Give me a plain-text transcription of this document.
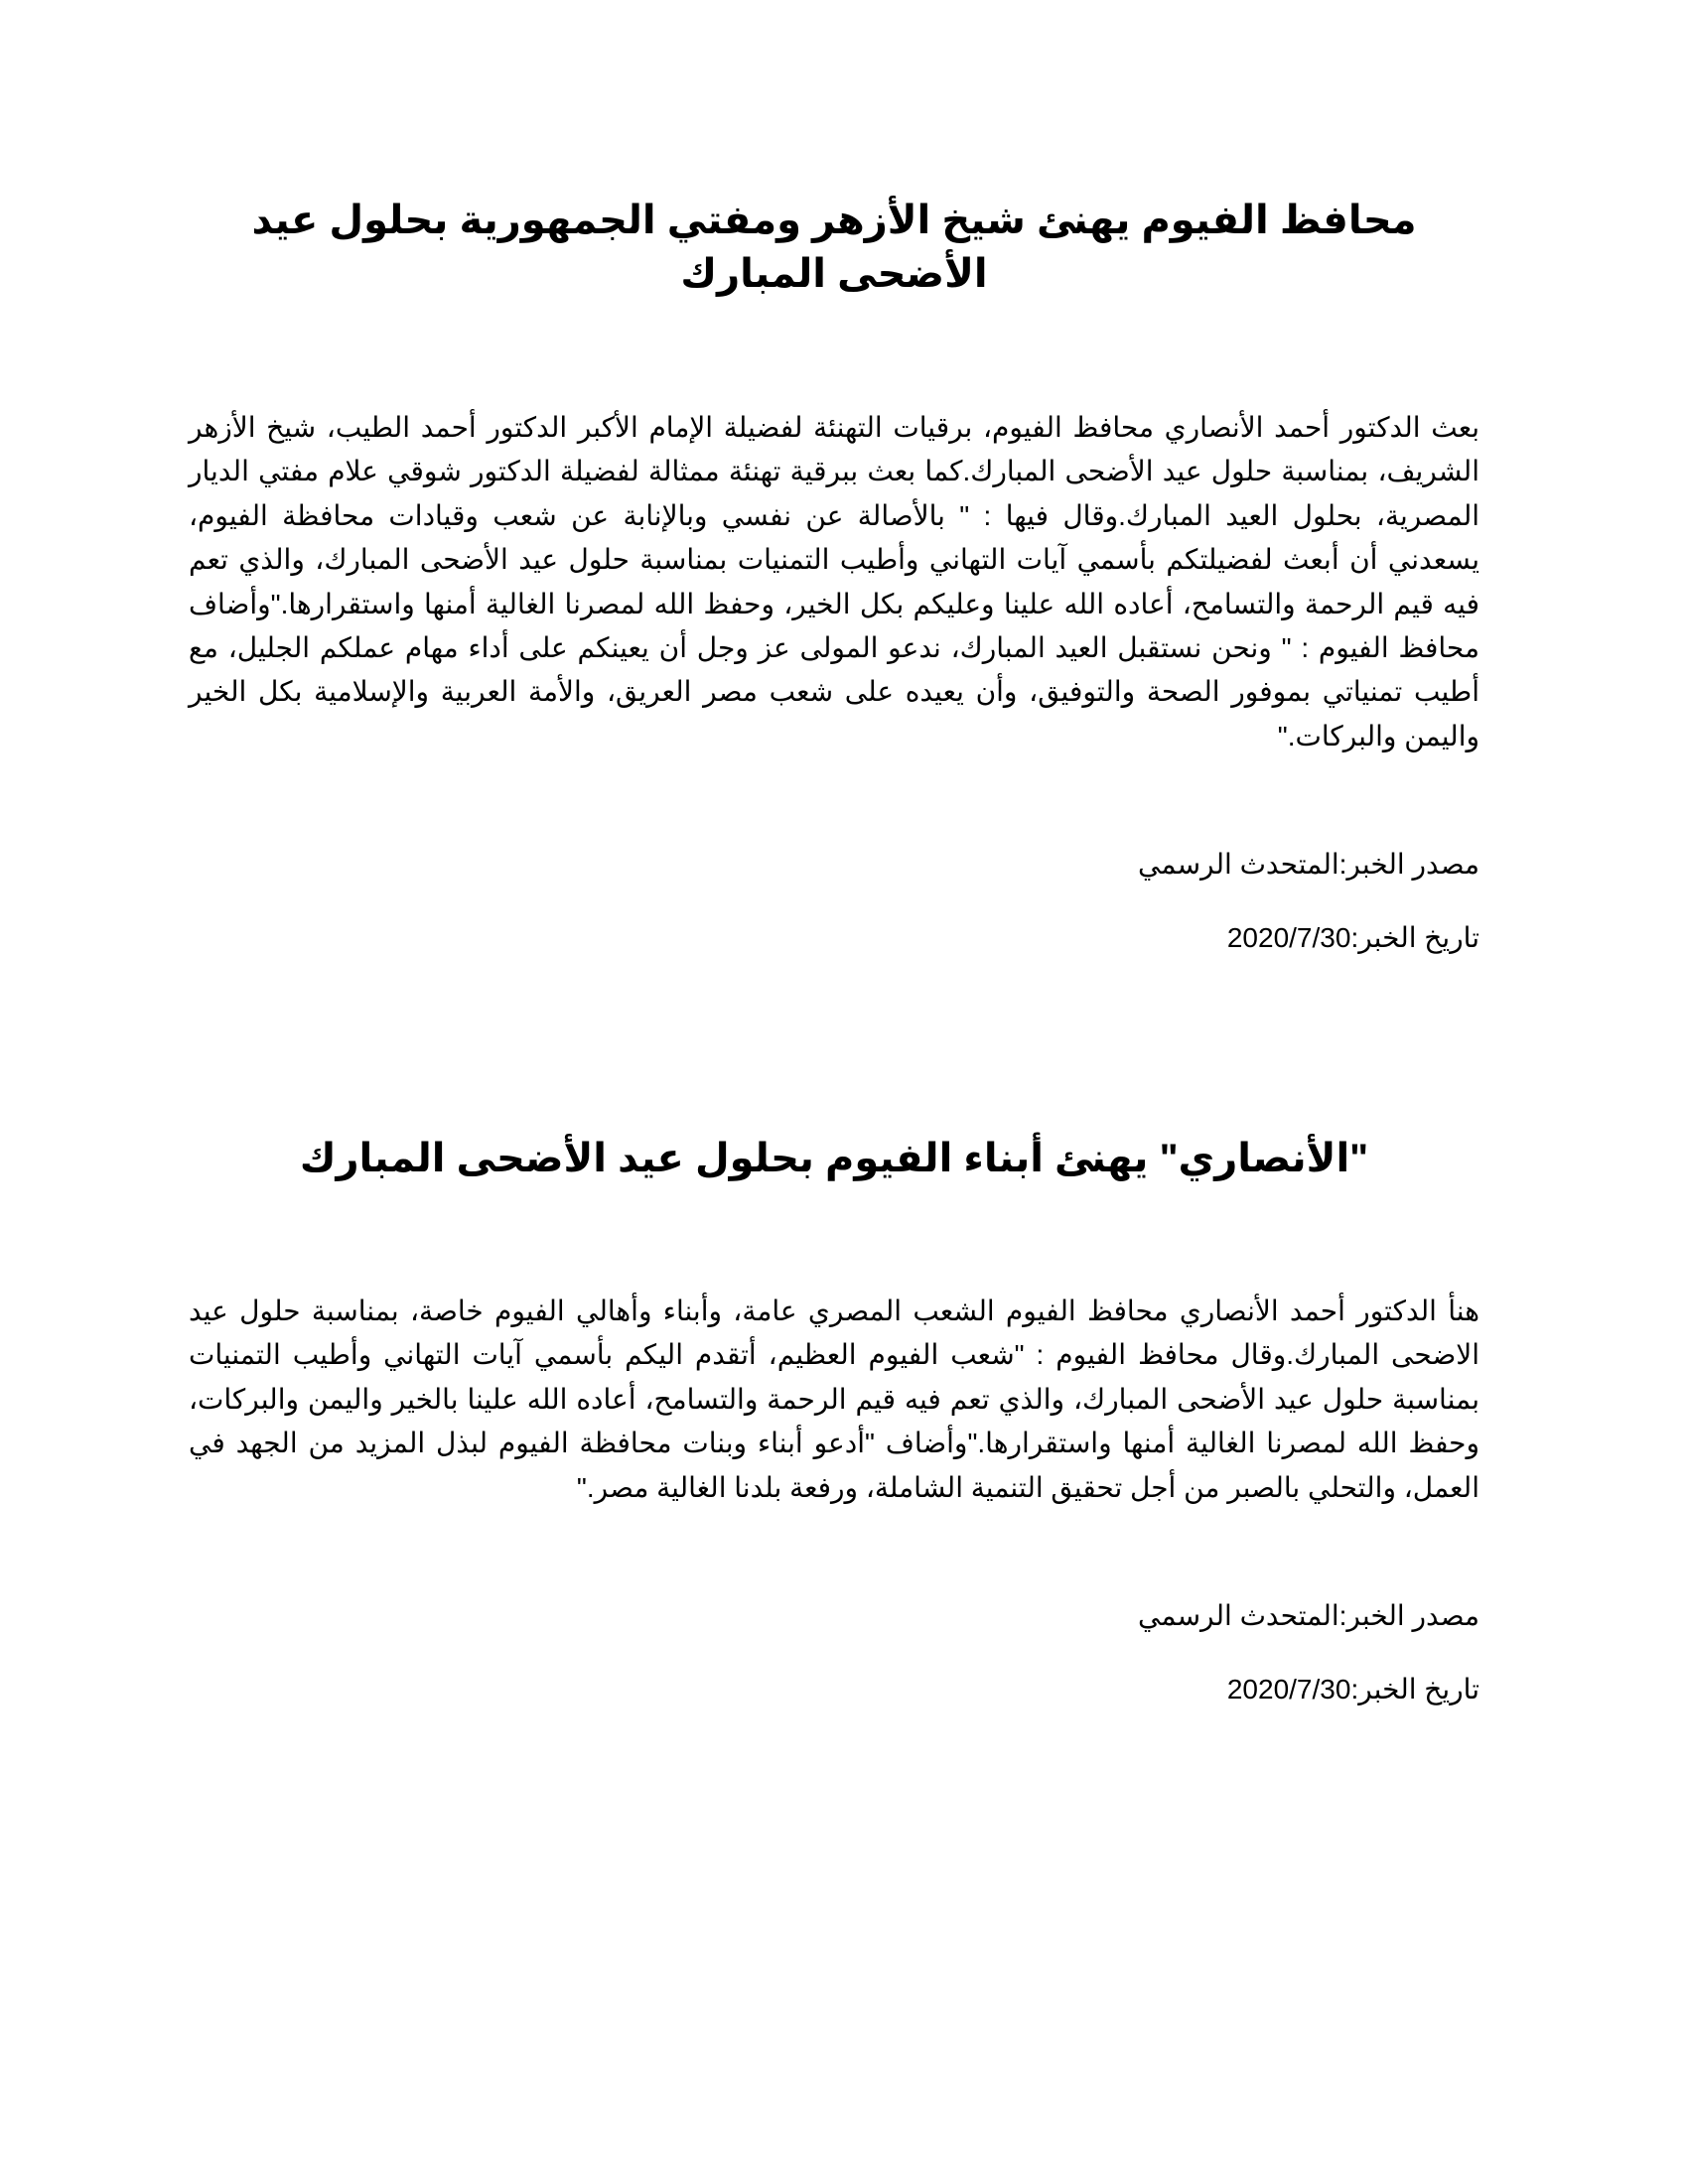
محافظ الفيوم يهنئ شيخ الأزهر ومفتي الجمهورية بحلول عيد الأضحى المبارك

بعث الدكتور أحمد الأنصاري محافظ الفيوم، برقيات التهنئة لفضيلة الإمام الأكبر الدكتور أحمد الطيب، شيخ الأزهر الشريف، بمناسبة حلول عيد الأضحى المبارك.كما بعث ببرقية تهنئة ممثالة لفضيلة الدكتور شوقي علام مفتي الديار المصرية، بحلول العيد المبارك.وقال فيها : " بالأصالة عن نفسي وبالإنابة عن شعب وقيادات محافظة الفيوم، يسعدني أن أبعث لفضيلتكم بأسمي آيات التهاني وأطيب التمنيات بمناسبة حلول عيد الأضحى المبارك، والذي تعم فيه قيم الرحمة والتسامح، أعاده الله علينا وعليكم بكل الخير، وحفظ الله لمصرنا الغالية أمنها واستقرارها."وأضاف محافظ الفيوم : " ونحن نستقبل العيد المبارك، ندعو المولى عز وجل أن يعينكم على أداء مهام عملكم الجليل، مع أطيب تمنياتي بموفور الصحة والتوفيق، وأن يعيده على شعب مصر العريق، والأمة العربية والإسلامية بكل الخير واليمن والبركات."

مصدر الخبر:المتحدث الرسمي
تاريخ الخبر:2020/7/30
"الأنصاري" يهنئ أبناء الفيوم بحلول عيد الأضحى المبارك

هنأ الدكتور أحمد الأنصاري محافظ الفيوم الشعب المصري عامة، وأبناء وأهالي الفيوم خاصة، بمناسبة حلول عيد الاضحى المبارك.وقال محافظ الفيوم : "شعب الفيوم العظيم، أتقدم اليكم بأسمي آيات التهاني وأطيب التمنيات بمناسبة حلول عيد الأضحى المبارك، والذي تعم فيه قيم الرحمة والتسامح، أعاده الله علينا بالخير واليمن والبركات، وحفظ الله لمصرنا الغالية أمنها واستقرارها."وأضاف "أدعو أبناء وبنات محافظة الفيوم لبذل المزيد من الجهد في العمل، والتحلي بالصبر من أجل تحقيق التنمية الشاملة، ورفعة بلدنا الغالية مصر."

مصدر الخبر:المتحدث الرسمي
تاريخ الخبر:2020/7/30
